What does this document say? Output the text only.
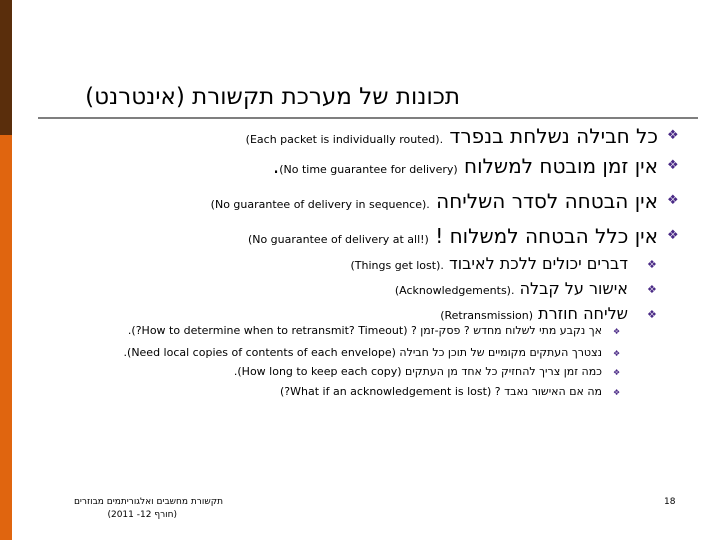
תכונות של מערכת תקשורת (אינטרנט)
❖
כל חבילה נשלחת בנפרד (Each packet is individually routed).
❖
אין זמן מובטח למשלוח (No time guarantee for delivery).
❖
אין הבטחה לסדר השליחה (No guarantee of delivery in sequence).
❖
אין כלל הבטחה למשלוח ! (No guarantee of delivery at all!)
❖
דברים יכולים ללכת לאיבוד (Things get lost).
❖
אישור על קבלה (Acknowledgements).
❖
שליחה חוזרת (Retransmission)
❖
אך נקבע מתי לשלוח מחדש ? פסק-זמן ? (How to determine when to retransmit? Timeout?).
❖
נצטרך העתקים מקומיים של תוכן כל חבילה (Need local copies of contents of each envelope).
❖
כמה זמן צריך להחזיק כל אחד מן העתקים (How long to keep each copy).
❖
מה אם האישור נאבד ? (What if an acknowledgement is lost?)
תקשורת מחשבים ואלגוריתמים מבוזרים
(חורף 12- 2011)
18
